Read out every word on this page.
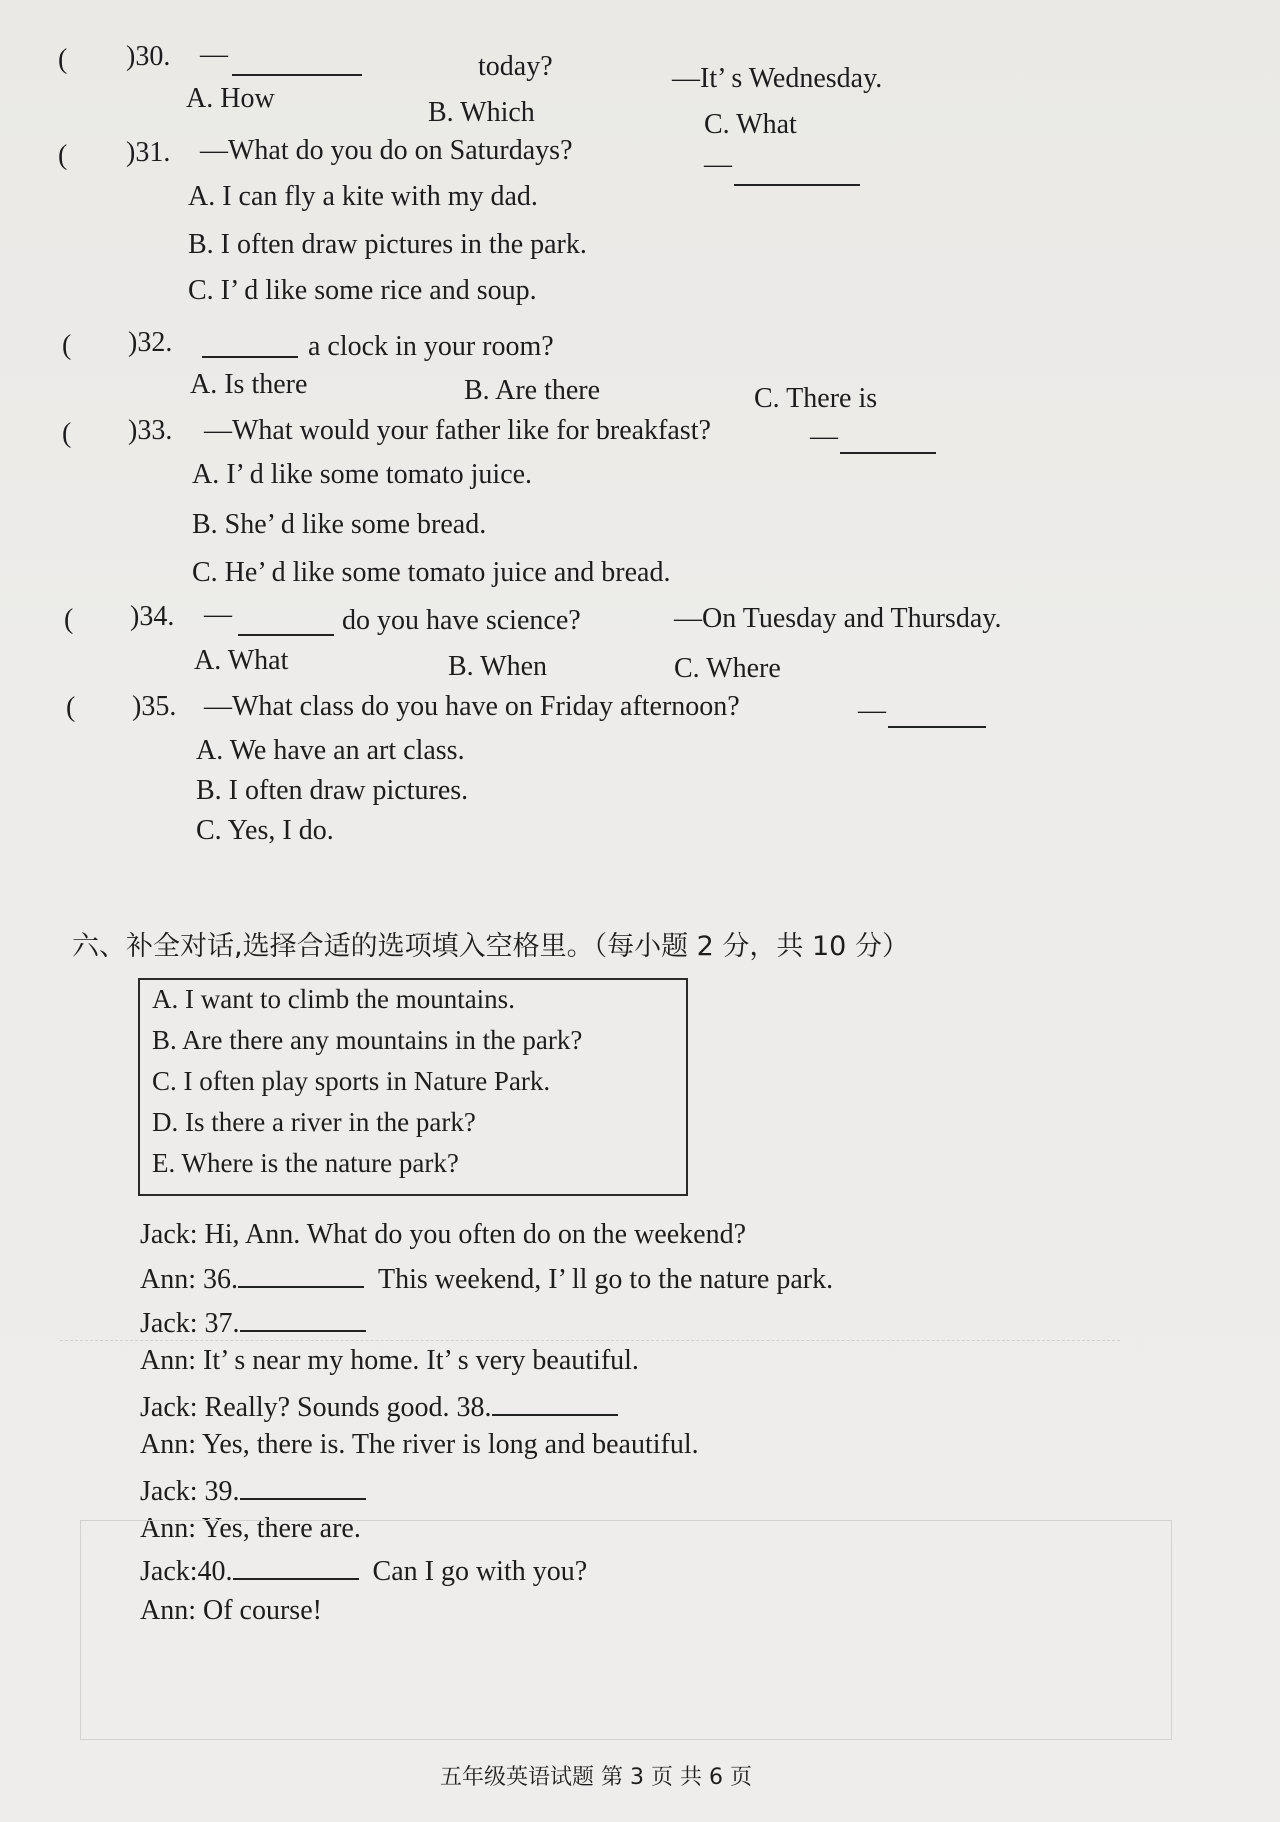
( )30. —	today?	—It’ s Wednesday.
A. How	B. Which	C. What
( )31. —What do you do on Saturdays?	—
A. I can fly a kite with my dad.
B. I often draw pictures in the park.
C. I’ d like some rice and soup.
( )32.	a clock in your room?
A. Is there	B. Are there	C. There is
( )33. —What would your father like for breakfast?	—
A. I’ d like some tomato juice.
B. She’ d like some bread.
C. He’ d like some tomato juice and bread.
( )34. —	do you have science?	—On Tuesday and Thursday.
A. What	B. When	C. Where
( )35. —What class do you have on Friday afternoon?	—
A. We have an art class.
B. I often draw pictures.
C. Yes, I do.
六、补全对话,选择合适的选项填入空格里。（每小题 2 分，共 10 分）
A. I want to climb the mountains.
B. Are there any mountains in the park?
C. I often play sports in Nature Park.
D. Is there a river in the park?
E. Where is the nature park?
Jack: Hi, Ann. What do you often do on the weekend?
Ann: 36.	This weekend, I’ ll go to the nature park.
Jack: 37.
Ann: It’ s near my home. It’ s very beautiful.
Jack: Really? Sounds good. 38.
Ann: Yes, there is. The river is long and beautiful.
Jack: 39.
Ann: Yes, there are.
Jack:40.	Can I go with you?
Ann: Of course!
五年级英语试题 第 3 页 共 6 页
